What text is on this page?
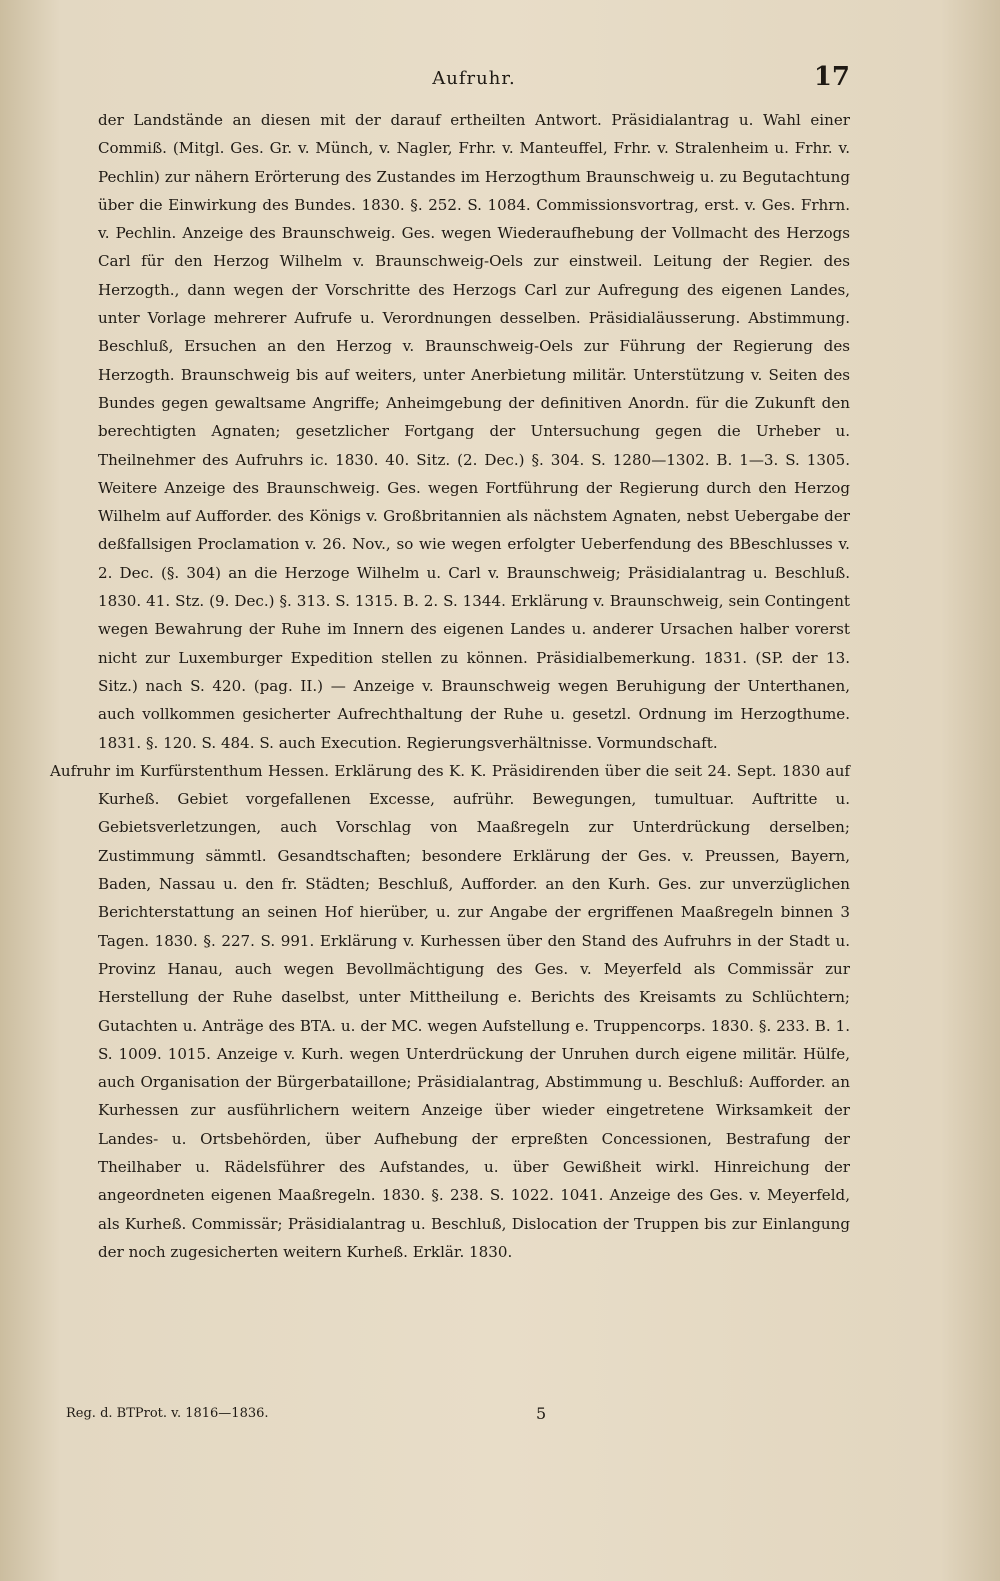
Aufruhr.	17

der Landstände an diesen mit der darauf ertheilten Antwort. Präsidialantrag u. Wahl einer Commiß. (Mitgl. Ges. Gr. v. Münch, v. Nagler, Frhr. v. Manteuffel, Frhr. v. Stralenheim u. Frhr. v. Pechlin) zur nähern Erörterung des Zustandes im Herzogthum Braunschweig u. zu Begutachtung über die Einwirkung des Bundes. 1830. §. 252. S. 1084. Commissionsvortrag, erst. v. Ges. Frhrn. v. Pechlin. Anzeige des Braunschweig. Ges. wegen Wiederaufhebung der Vollmacht des Herzogs Carl für den Herzog Wilhelm v. Braunschweig-Oels zur einstweil. Leitung der Regier. des Herzogth., dann wegen der Vorschritte des Herzogs Carl zur Aufregung des eigenen Landes, unter Vorlage mehrerer Aufrufe u. Verordnungen desselben. Präsidialäusserung. Abstimmung. Beschluß, Ersuchen an den Herzog v. Braunschweig-Oels zur Führung der Regierung des Herzogth. Braunschweig bis auf weiters, unter Anerbietung militär. Unterstützung v. Seiten des Bundes gegen gewaltsame Angriffe; Anheimgebung der definitiven Anordn. für die Zukunft den berechtigten Agnaten; gesetzlicher Fortgang der Untersuchung gegen die Urheber u. Theilnehmer des Aufruhrs ic. 1830. 40. Sitz. (2. Dec.) §. 304. S. 1280—1302. B. 1—3. S. 1305. Weitere Anzeige des Braunschweig. Ges. wegen Fortführung der Regierung durch den Herzog Wilhelm auf Aufforder. des Königs v. Großbritannien als nächstem Agnaten, nebst Uebergabe der deßfallsigen Proclamation v. 26. Nov., so wie wegen erfolgter Ueberfendung des BBeschlusses v. 2. Dec. (§. 304) an die Herzoge Wilhelm u. Carl v. Braunschweig; Präsidialantrag u. Beschluß. 1830. 41. Stz. (9. Dec.) §. 313. S. 1315. B. 2. S. 1344. Erklärung v. Braunschweig, sein Contingent wegen Bewahrung der Ruhe im Innern des eigenen Landes u. anderer Ursachen halber vorerst nicht zur Luxemburger Expedition stellen zu können. Präsidialbemerkung. 1831. (SP. der 13. Sitz.) nach S. 420. (pag. II.) — Anzeige v. Braunschweig wegen Beruhigung der Unterthanen, auch vollkommen gesicherter Aufrechthaltung der Ruhe u. gesetzl. Ordnung im Herzogthume. 1831. §. 120. S. 484. S. auch Execution. Regierungsverhältnisse. Vormundschaft.

Aufruhr im Kurfürstenthum Hessen. Erklärung des K. K. Präsidirenden über die seit 24. Sept. 1830 auf Kurheß. Gebiet vorgefallenen Excesse, aufrühr. Bewegungen, tumultuar. Auftritte u. Gebietsverletzungen, auch Vorschlag von Maaßregeln zur Unterdrückung derselben; Zustimmung sämmtl. Gesandtschaften; besondere Erklärung der Ges. v. Preussen, Bayern, Baden, Nassau u. den fr. Städten; Beschluß, Aufforder. an den Kurh. Ges. zur unverzüglichen Berichterstattung an seinen Hof hierüber, u. zur Angabe der ergriffenen Maaßregeln binnen 3 Tagen. 1830. §. 227. S. 991. Erklärung v. Kurhessen über den Stand des Aufruhrs in der Stadt u. Provinz Hanau, auch wegen Bevollmächtigung des Ges. v. Meyerfeld als Commissär zur Herstellung der Ruhe daselbst, unter Mittheilung e. Berichts des Kreisamts zu Schlüchtern; Gutachten u. Anträge des BTA. u. der MC. wegen Aufstellung e. Truppencorps. 1830. §. 233. B. 1. S. 1009. 1015. Anzeige v. Kurh. wegen Unterdrückung der Unruhen durch eigene militär. Hülfe, auch Organisation der Bürgerbataillone; Präsidialantrag, Abstimmung u. Beschluß: Aufforder. an Kurhessen zur ausführlichern weitern Anzeige über wieder eingetretene Wirksamkeit der Landes- u. Ortsbehörden, über Aufhebung der erpreßten Concessionen, Bestrafung der Theilhaber u. Rädelsführer des Aufstandes, u. über Gewißheit wirkl. Hinreichung der angeordneten eigenen Maaßregeln. 1830. §. 238. S. 1022. 1041. Anzeige des Ges. v. Meyerfeld, als Kurheß. Commissär; Präsidialantrag u. Beschluß, Dislocation der Truppen bis zur Einlangung der noch zugesicherten weitern Kurheß. Erklär. 1830.

Reg. d. BTProt. v. 1816—1836.	5
